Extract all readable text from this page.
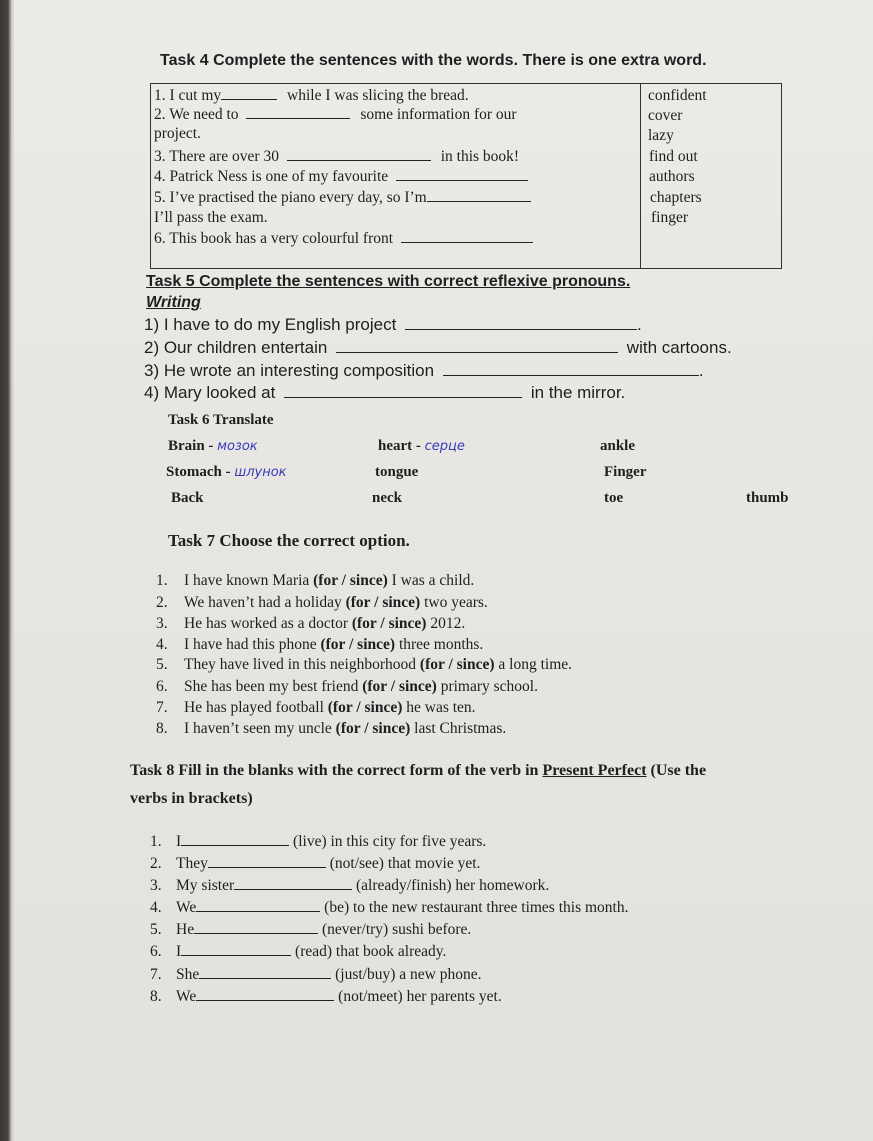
Task 4 Complete the sentences with the words. There is one extra word.
1. I cut my	while I was slicing the bread.
2. We need to	some information for our
project.
3. There are over 30	in this book!
4. Patrick Ness is one of my favourite
5. I’ve practised the piano every day, so I’m
I’ll pass the exam.
6. This book has a very colourful front
confident
cover
lazy
find out
authors
chapters
finger
Task 5 Complete the sentences with correct reflexive pronouns.
Writing
1) I have to do my English project	.
2) Our children entertain	with cartoons.
3) He wrote an interesting composition	.
4) Mary looked at	in the mirror.
Task 6 Translate
Brain - мозок	heart - серце	ankle
Stomach - шлунок	tongue	Finger
Back	neck	toe	thumb
Task 7 Choose the correct option.
1. I have known Maria (for / since) I was a child.
2. We haven’t had a holiday (for / since) two years.
3. He has worked as a doctor (for / since) 2012.
4. I have had this phone (for / since) three months.
5. They have lived in this neighborhood (for / since) a long time.
6. She has been my best friend (for / since) primary school.
7. He has played football (for / since) he was ten.
8. I haven’t seen my uncle (for / since) last Christmas.
Task 8 Fill in the blanks with the correct form of the verb in Present Perfect (Use the
verbs in brackets)
1. I	(live) in this city for five years.
2. They	(not/see) that movie yet.
3. My sister	(already/finish) her homework.
4. We	(be) to the new restaurant three times this month.
5. He	(never/try) sushi before.
6. I	(read) that book already.
7. She	(just/buy) a new phone.
8. We	(not/meet) her parents yet.
